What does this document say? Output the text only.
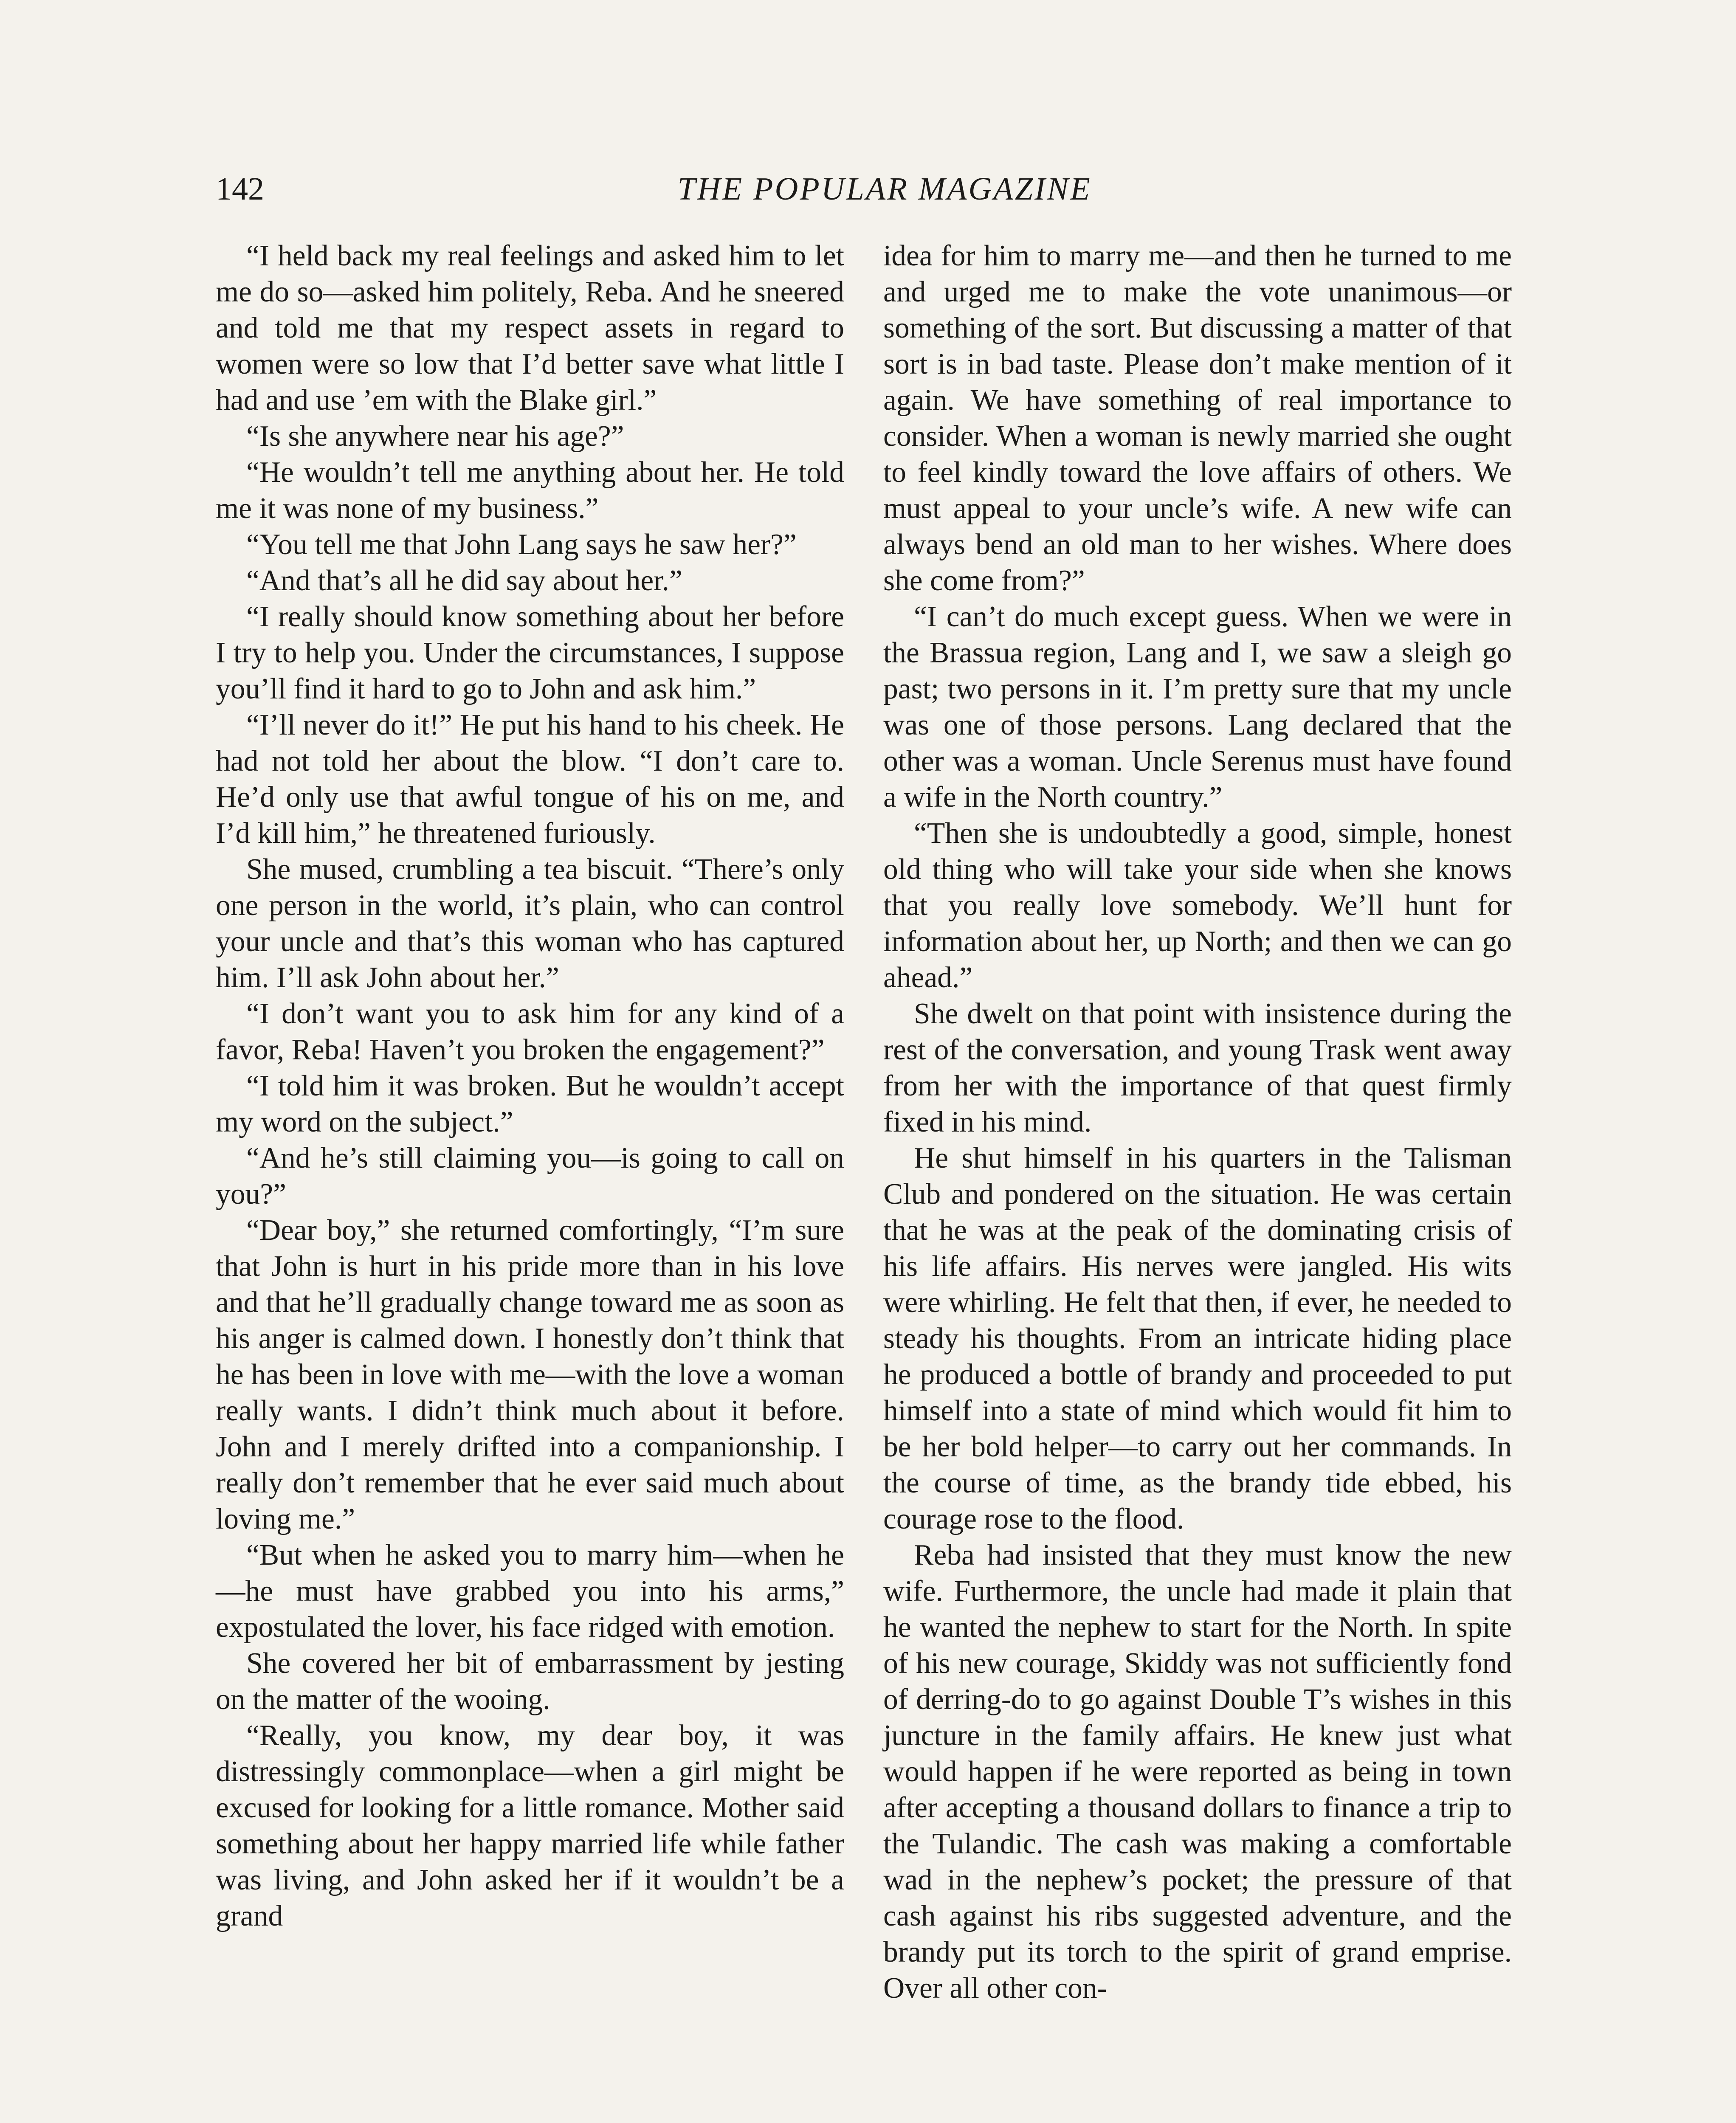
142	THE POPULAR MAGAZINE

“I held back my real feelings and asked him to let me do so—asked him politely, Reba. And he sneered and told me that my respect assets in regard to women were so low that I’d better save what little I had and use ’em with the Blake girl.”

“Is she anywhere near his age?”

“He wouldn’t tell me anything about her. He told me it was none of my business.”

“You tell me that John Lang says he saw her?”

“And that’s all he did say about her.”

“I really should know something about her before I try to help you. Under the circumstances, I suppose you’ll find it hard to go to John and ask him.”

“I’ll never do it!” He put his hand to his cheek. He had not told her about the blow. “I don’t care to. He’d only use that awful tongue of his on me, and I’d kill him,” he threatened furiously.

She mused, crumbling a tea biscuit. “There’s only one person in the world, it’s plain, who can control your uncle and that’s this woman who has captured him. I’ll ask John about her.”

“I don’t want you to ask him for any kind of a favor, Reba! Haven’t you broken the engagement?”

“I told him it was broken. But he wouldn’t accept my word on the subject.”

“And he’s still claiming you—is going to call on you?”

“Dear boy,” she returned comfortingly, “I’m sure that John is hurt in his pride more than in his love and that he’ll gradually change toward me as soon as his anger is calmed down. I honestly don’t think that he has been in love with me—with the love a woman really wants. I didn’t think much about it before. John and I merely drifted into a companionship. I really don’t remember that he ever said much about loving me.”

“But when he asked you to marry him—when he—he must have grabbed you into his arms,” expostulated the lover, his face ridged with emotion.

She covered her bit of embarrassment by jesting on the matter of the wooing.

“Really, you know, my dear boy, it was distressingly commonplace—when a girl might be excused for looking for a little romance. Mother said something about her happy married life while father was living, and John asked her if it wouldn’t be a grand

idea for him to marry me—and then he turned to me and urged me to make the vote unanimous—or something of the sort. But discussing a matter of that sort is in bad taste. Please don’t make mention of it again. We have something of real importance to consider. When a woman is newly married she ought to feel kindly toward the love affairs of others. We must appeal to your uncle’s wife. A new wife can always bend an old man to her wishes. Where does she come from?”

“I can’t do much except guess. When we were in the Brassua region, Lang and I, we saw a sleigh go past; two persons in it. I’m pretty sure that my uncle was one of those persons. Lang declared that the other was a woman. Uncle Serenus must have found a wife in the North country.”

“Then she is undoubtedly a good, simple, honest old thing who will take your side when she knows that you really love somebody. We’ll hunt for information about her, up North; and then we can go ahead.”

She dwelt on that point with insistence during the rest of the conversation, and young Trask went away from her with the importance of that quest firmly fixed in his mind.

He shut himself in his quarters in the Talisman Club and pondered on the situation. He was certain that he was at the peak of the dominating crisis of his life affairs. His nerves were jangled. His wits were whirling. He felt that then, if ever, he needed to steady his thoughts. From an intricate hiding place he produced a bottle of brandy and proceeded to put himself into a state of mind which would fit him to be her bold helper—to carry out her commands. In the course of time, as the brandy tide ebbed, his courage rose to the flood.

Reba had insisted that they must know the new wife. Furthermore, the uncle had made it plain that he wanted the nephew to start for the North. In spite of his new courage, Skiddy was not sufficiently fond of derring-do to go against Double T’s wishes in this juncture in the family affairs. He knew just what would happen if he were reported as being in town after accepting a thousand dollars to finance a trip to the Tulandic. The cash was making a comfortable wad in the nephew’s pocket; the pressure of that cash against his ribs suggested adventure, and the brandy put its torch to the spirit of grand emprise. Over all other con-
